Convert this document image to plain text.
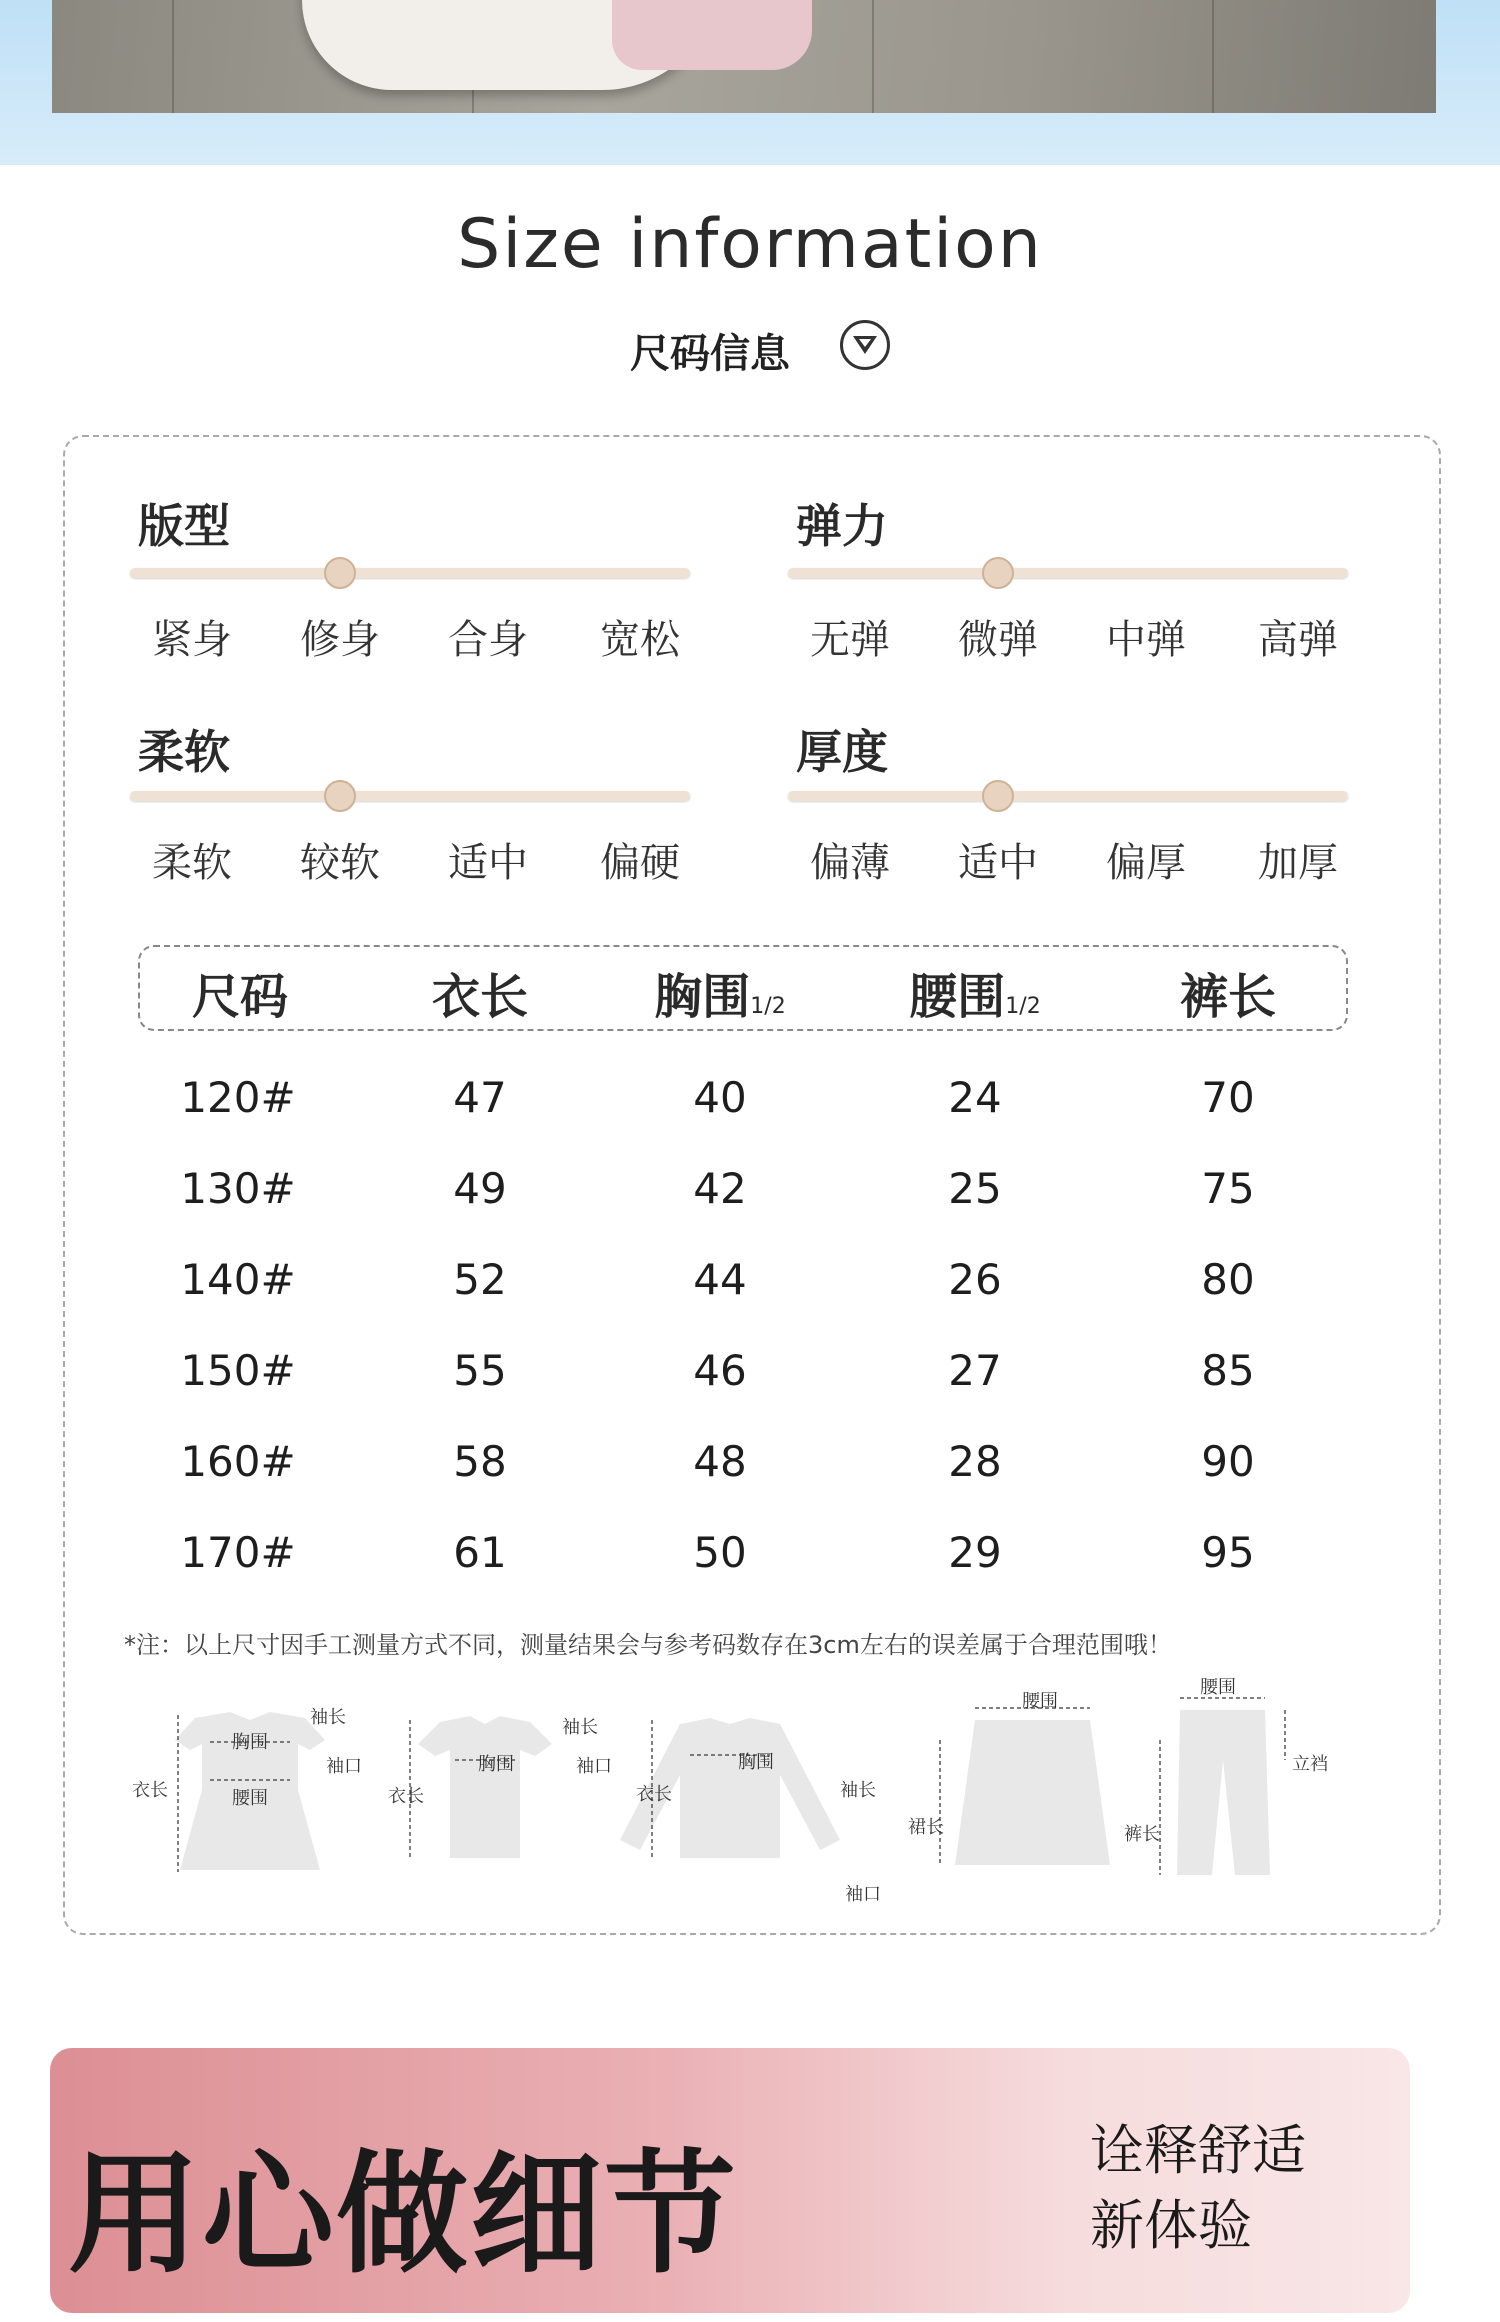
Size information
尺码信息
版型
紧身	修身	合身	宽松
弹力
无弹	微弹	中弹	高弹
柔软
柔软	较软	适中	偏硬
厚度
偏薄	适中	偏厚	加厚
尺码	衣长	胸围1/2	腰围1/2	裤长
120#	47	40	24	70
130#	49	42	25	75
140#	52	44	26	80
150#	55	46	27	85
160#	58	48	28	90
170#	61	50	29	95
*注：以上尺寸因手工测量方式不同，测量结果会与参考码数存在3cm左右的误差属于合理范围哦！
袖长
胸围
袖口
衣长	腰围
袖长
胸围	袖口
衣长
胸围
袖长
衣长
袖口
腰围
裙长
腰围
立裆
裤长
用心做细节	诠释舒适
新体验
